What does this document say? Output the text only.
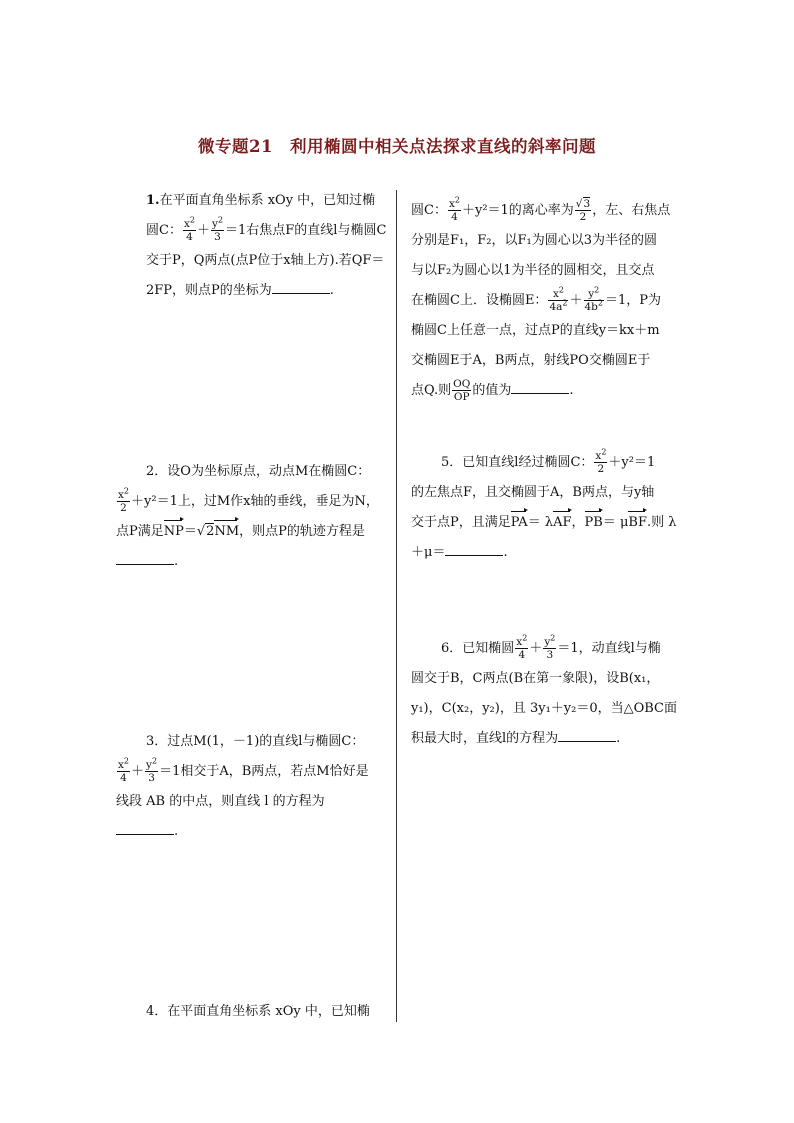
微专题21　利用椭圆中相关点法探求直线的斜率问题

1.在平面直角坐标系 xOy 中，已知过椭

圆C： $\frac{x^2}{4} + \frac{y^2}{3} =1$右焦点F的直线l与椭圆C

交于P，Q两点(点P位于x轴上方).若QF＝

2FP，则点P的坐标为	.

2．设O为坐标原点，动点M在椭圆C：

$\frac{x^2}{2} +y^2=1$上，过M作x轴的垂线，垂足为N，

点P满足NP＝√2NM，则点P的轨迹方程是

.

3．过点M(1，－1)的直线l与椭圆C：

$\frac{x^2}{4} + \frac{y^2}{3} =1$相交于A，B两点，若点M恰好是

线段 AB 的中点，则直线 l 的方程为

.

4．在平面直角坐标系 xOy 中，已知椭

圆C： $\frac{x^2}{4} +y^2=1$的离心率为 $\frac{√3}{2}$ ，左、右焦点

分别是F₁，F₂，以F₁为圆心以3为半径的圆

与以F₂为圆心以1为半径的圆相交，且交点

在椭圆C上．设椭圆E： $\frac{x^2}{4a^2} + \frac{y^2}{4b^2} =1$，P为

椭圆C上任意一点，过点P的直线y＝kx＋m

交椭圆E于A，B两点，射线PO交椭圆E于

点Q.则 $\frac{OQ}{OP}$ 的值为	.

5．已知直线l经过椭圆C： $\frac{x^2}{2} +y^2=1$

的左焦点F，且交椭圆于A，B两点，与y轴

交于点P，且满足PA＝ λAF，PB＝ μBF.则 λ

＋μ＝	.

6．已知椭圆 $\frac{x^2}{4} + \frac{y^2}{3} =1$，动直线l与椭

圆交于B，C两点(B在第一象限)，设B(x₁，

y₁)，C(x₂，y₂)，且 3y₁＋y₂＝0，当△OBC面

积最大时，直线l的方程为	.
